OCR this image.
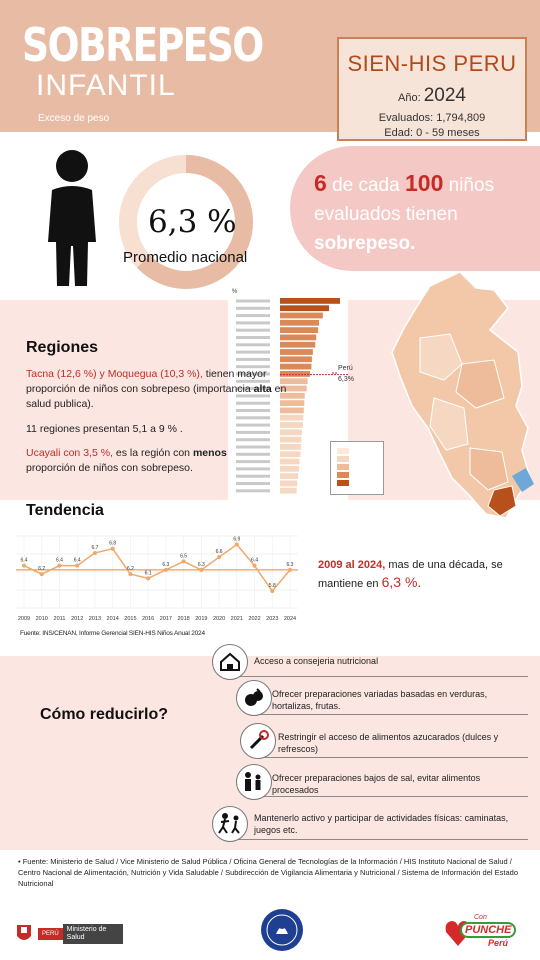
SOBREPESO
INFANTIL
Exceso de peso
SIEN-HIS PERU
Año: 2024
Evaluados: 1,794,809
Edad: 0 - 59 meses
6,3 %
Promedio nacional
6 de cada 100 niños
evaluados tienen
sobrepeso.
%
Perú
6,3%
Regiones
Tacna (12,6 %) y Moquegua (10,3 %), tienen mayor proporción de niños con sobrepeso (importancia alta en salud publica).
11 regiones presentan 5,1 a 9 % .
Ucayali con 3,5 %, es la región con menos proporción de niños con sobrepeso.
Tendencia
6.4
6.2
6.4 6.4
6.7
6.8
6.2
6.1
6.3
6.5
6.3
6.6
6.9
6.4
5.8
6.3
2009 2010 2011 2012 2013 2014 2015 2016 2017 2018 2019 2020 2021 2022 2023 2024
2009 al 2024, mas de una década, se mantiene en 6,3 %.
Fuente: INS/CENAN, Informe Gerencial SIEN-HIS Niños Anual 2024
Cómo reducirlo?
Acceso a consejeria nutricional
Ofrecer preparaciones variadas basadas en verduras, hortalizas, frutas.
Restringir el acceso de alimentos azucarados (dulces y refrescos)
Ofrecer preparaciones bajos de sal, evitar alimentos procesados
Mantenerlo activo y participar de actividades físicas: caminatas, juegos etc.
• Fuente: Ministerio de Salud / Vice Ministerio de Salud Pública / Oficina General de Tecnologías de la Información / HIS Instituto Nacional de Salud / Centro Nacional de Alimentación, Nutrición y Vida Saludable / Subdirección de Vigilancia Alimentaria y Nutricional / Sistema de Información del Estado Nutricional
PERÚ
Ministerio de Salud
Con
PUNCHE
Perú
